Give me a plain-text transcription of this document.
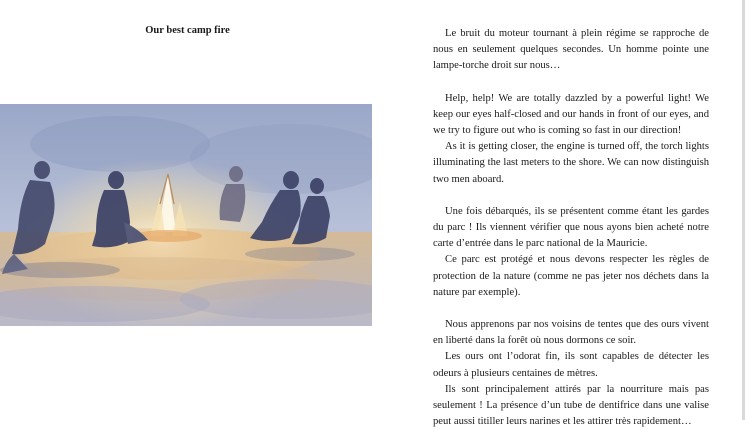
Our best camp fire	Le bruit du moteur tournant à plein régime se rapproche de nous en seulement quelques secondes. Un homme pointe une lampe-torche droit sur nous…

Help, help! We are totally dazzled by a powerful light! We keep our eyes half-closed and our hands in front of our eyes, and we try to figure out who is coming so fast in our direction!

As it is getting closer, the engine is turned off, the torch lights illuminating the last meters to the shore. We can now distinguish two men aboard.

Une fois débarqués, ils se présentent comme étant les gardes du parc ! Ils viennent vérifier que nous ayons bien acheté notre carte d’entrée dans le parc national de la Mauricie.

Ce parc est protégé et nous devons respecter les règles de protection de la nature (comme ne pas jeter nos déchets dans la nature par exemple).

Nous apprenons par nos voisins de tentes que des ours vivent en liberté dans la forêt où nous dormons ce soir.

Les ours ont l’odorat fin, ils sont capables de détecter les odeurs à plusieurs centaines de mètres.

Ils sont principalement attirés par la nourriture mais pas seulement ! La présence d’un tube de dentifrice dans une valise peut aussi titiller leurs narines et les attirer très rapidement…
